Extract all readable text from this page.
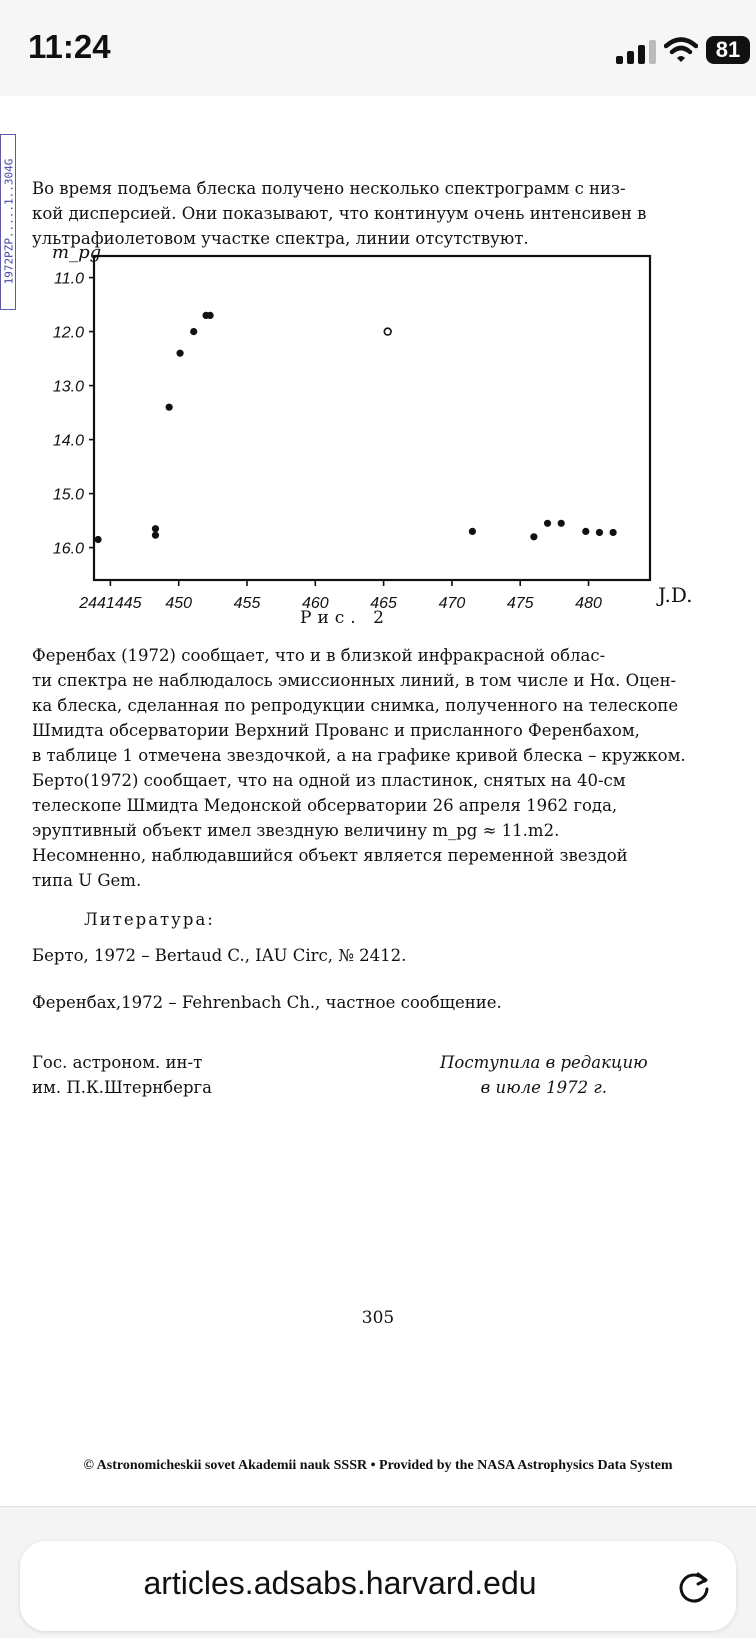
11:24	81
1972PZP.....1..304G Во время подъема блеска получено несколько спектрограмм с низ-
кой дисперсией. Они показывают, что континуум очень интенсивен в
ультрафиолетовом участке спектра, линии отсутствуют.
11.0
12.0
13.0
14.0
15.0
16.0
2441445 450	455	460	465	470	475	480
m_pg
J.D.
Рис. 2
Ференбах (1972) сообщает, что и в близкой инфракрасной облас-
ти спектра не наблюдалось эмиссионных линий, в том числе и Hα. Оцен-
ка блеска, сделанная по репродукции снимка, полученного на телескопе
Шмидта обсерватории Верхний Прованс и присланного Ференбахом,
в таблице 1 отмечена звездочкой, а на графике кривой блеска – кружком.
Берто(1972) сообщает, что на одной из пластинок, снятых на 40-см
телескопе Шмидта Медонской обсерватории 26 апреля 1962 года,
эруптивный объект имел звездную величину m_pg ≈ 11.m2.
Несомненно, наблюдавшийся объект является переменной звездой
типа U Gem.
Литература:
Берто, 1972 – Bertaud C., IAU Circ, № 2412.
Ференбах,1972 – Fehrenbach Ch., частное сообщение.
Гос. астроном. ин-т
им. П.К.Штернберга
Поступила в редакцию
в июле 1972 г.
305
© Astronomicheskii sovet Akademii nauk SSSR • Provided by the NASA Astrophysics Data System
articles.adsabs.harvard.edu
